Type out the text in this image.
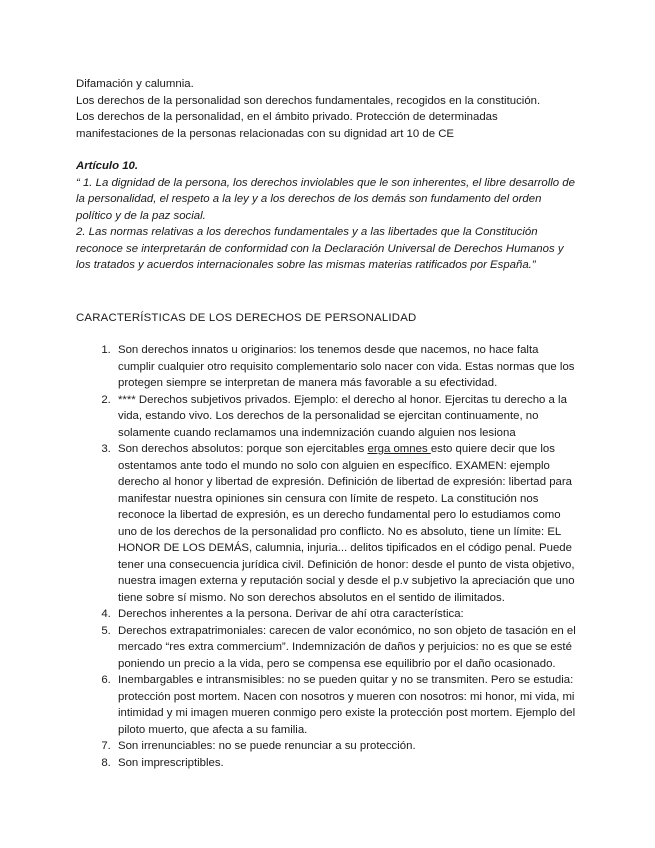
Difamación y calumnia.

Los derechos de la personalidad son derechos fundamentales, recogidos en la constitución.

Los derechos de la personalidad, en el ámbito privado. Protección de determinadas manifestaciones de la personas relacionadas con su dignidad art 10 de CE

Artículo 10.

“ 1. La dignidad de la persona, los derechos inviolables que le son inherentes, el libre desarrollo de la personalidad, el respeto a la ley y a los derechos de los demás son fundamento del orden político y de la paz social.

2. Las normas relativas a los derechos fundamentales y a las libertades que la Constitución reconoce se interpretarán de conformidad con la Declaración Universal de Derechos Humanos y los tratados y acuerdos internacionales sobre las mismas materias ratificados por España.”

CARACTERÍSTICAS DE LOS DERECHOS DE PERSONALIDAD

1. Son derechos innatos u originarios: los tenemos desde que nacemos, no hace falta cumplir cualquier otro requisito complementario solo nacer con vida. Estas normas que los protegen siempre se interpretan de manera más favorable a su efectividad.
2. **** Derechos subjetivos privados. Ejemplo: el derecho al honor. Ejercitas tu derecho a la vida, estando vivo. Los derechos de la personalidad se ejercitan continuamente, no solamente cuando reclamamos una indemnización cuando alguien nos lesiona
3. Son derechos absolutos: porque son ejercitables erga omnes esto quiere decir que los ostentamos ante todo el mundo no solo con alguien en específico. EXAMEN: ejemplo derecho al honor y libertad de expresión. Definición de libertad de expresión: libertad para manifestar nuestra opiniones sin censura con límite de respeto. La constitución nos reconoce la libertad de expresión, es un derecho fundamental pero lo estudiamos como uno de los derechos de la personalidad pro conflicto. No es absoluto, tiene un límite: EL HONOR DE LOS DEMÁS, calumnia, injuria... delitos tipificados en el código penal. Puede tener una consecuencia jurídica civil. Definición de honor: desde el punto de vista objetivo, nuestra imagen externa y reputación social y desde el p.v subjetivo la apreciación que uno tiene sobre sí mismo. No son derechos absolutos en el sentido de ilimitados.
4. Derechos inherentes a la persona. Derivar de ahí otra característica:
5. Derechos extrapatrimoniales: carecen de valor económico, no son objeto de tasación en el mercado “res extra commercium”. Indemnización de daños y perjuicios: no es que se esté poniendo un precio a la vida, pero se compensa ese equilibrio por el daño ocasionado.
6. Inembargables e intransmisibles: no se pueden quitar y no se transmiten. Pero se estudia: protección post mortem. Nacen con nosotros y mueren con nosotros: mi honor, mi vida, mi intimidad y mi imagen mueren conmigo pero existe la protección post mortem. Ejemplo del piloto muerto, que afecta a su familia.
7. Son irrenunciables: no se puede renunciar a su protección.
8. Son imprescriptibles.
